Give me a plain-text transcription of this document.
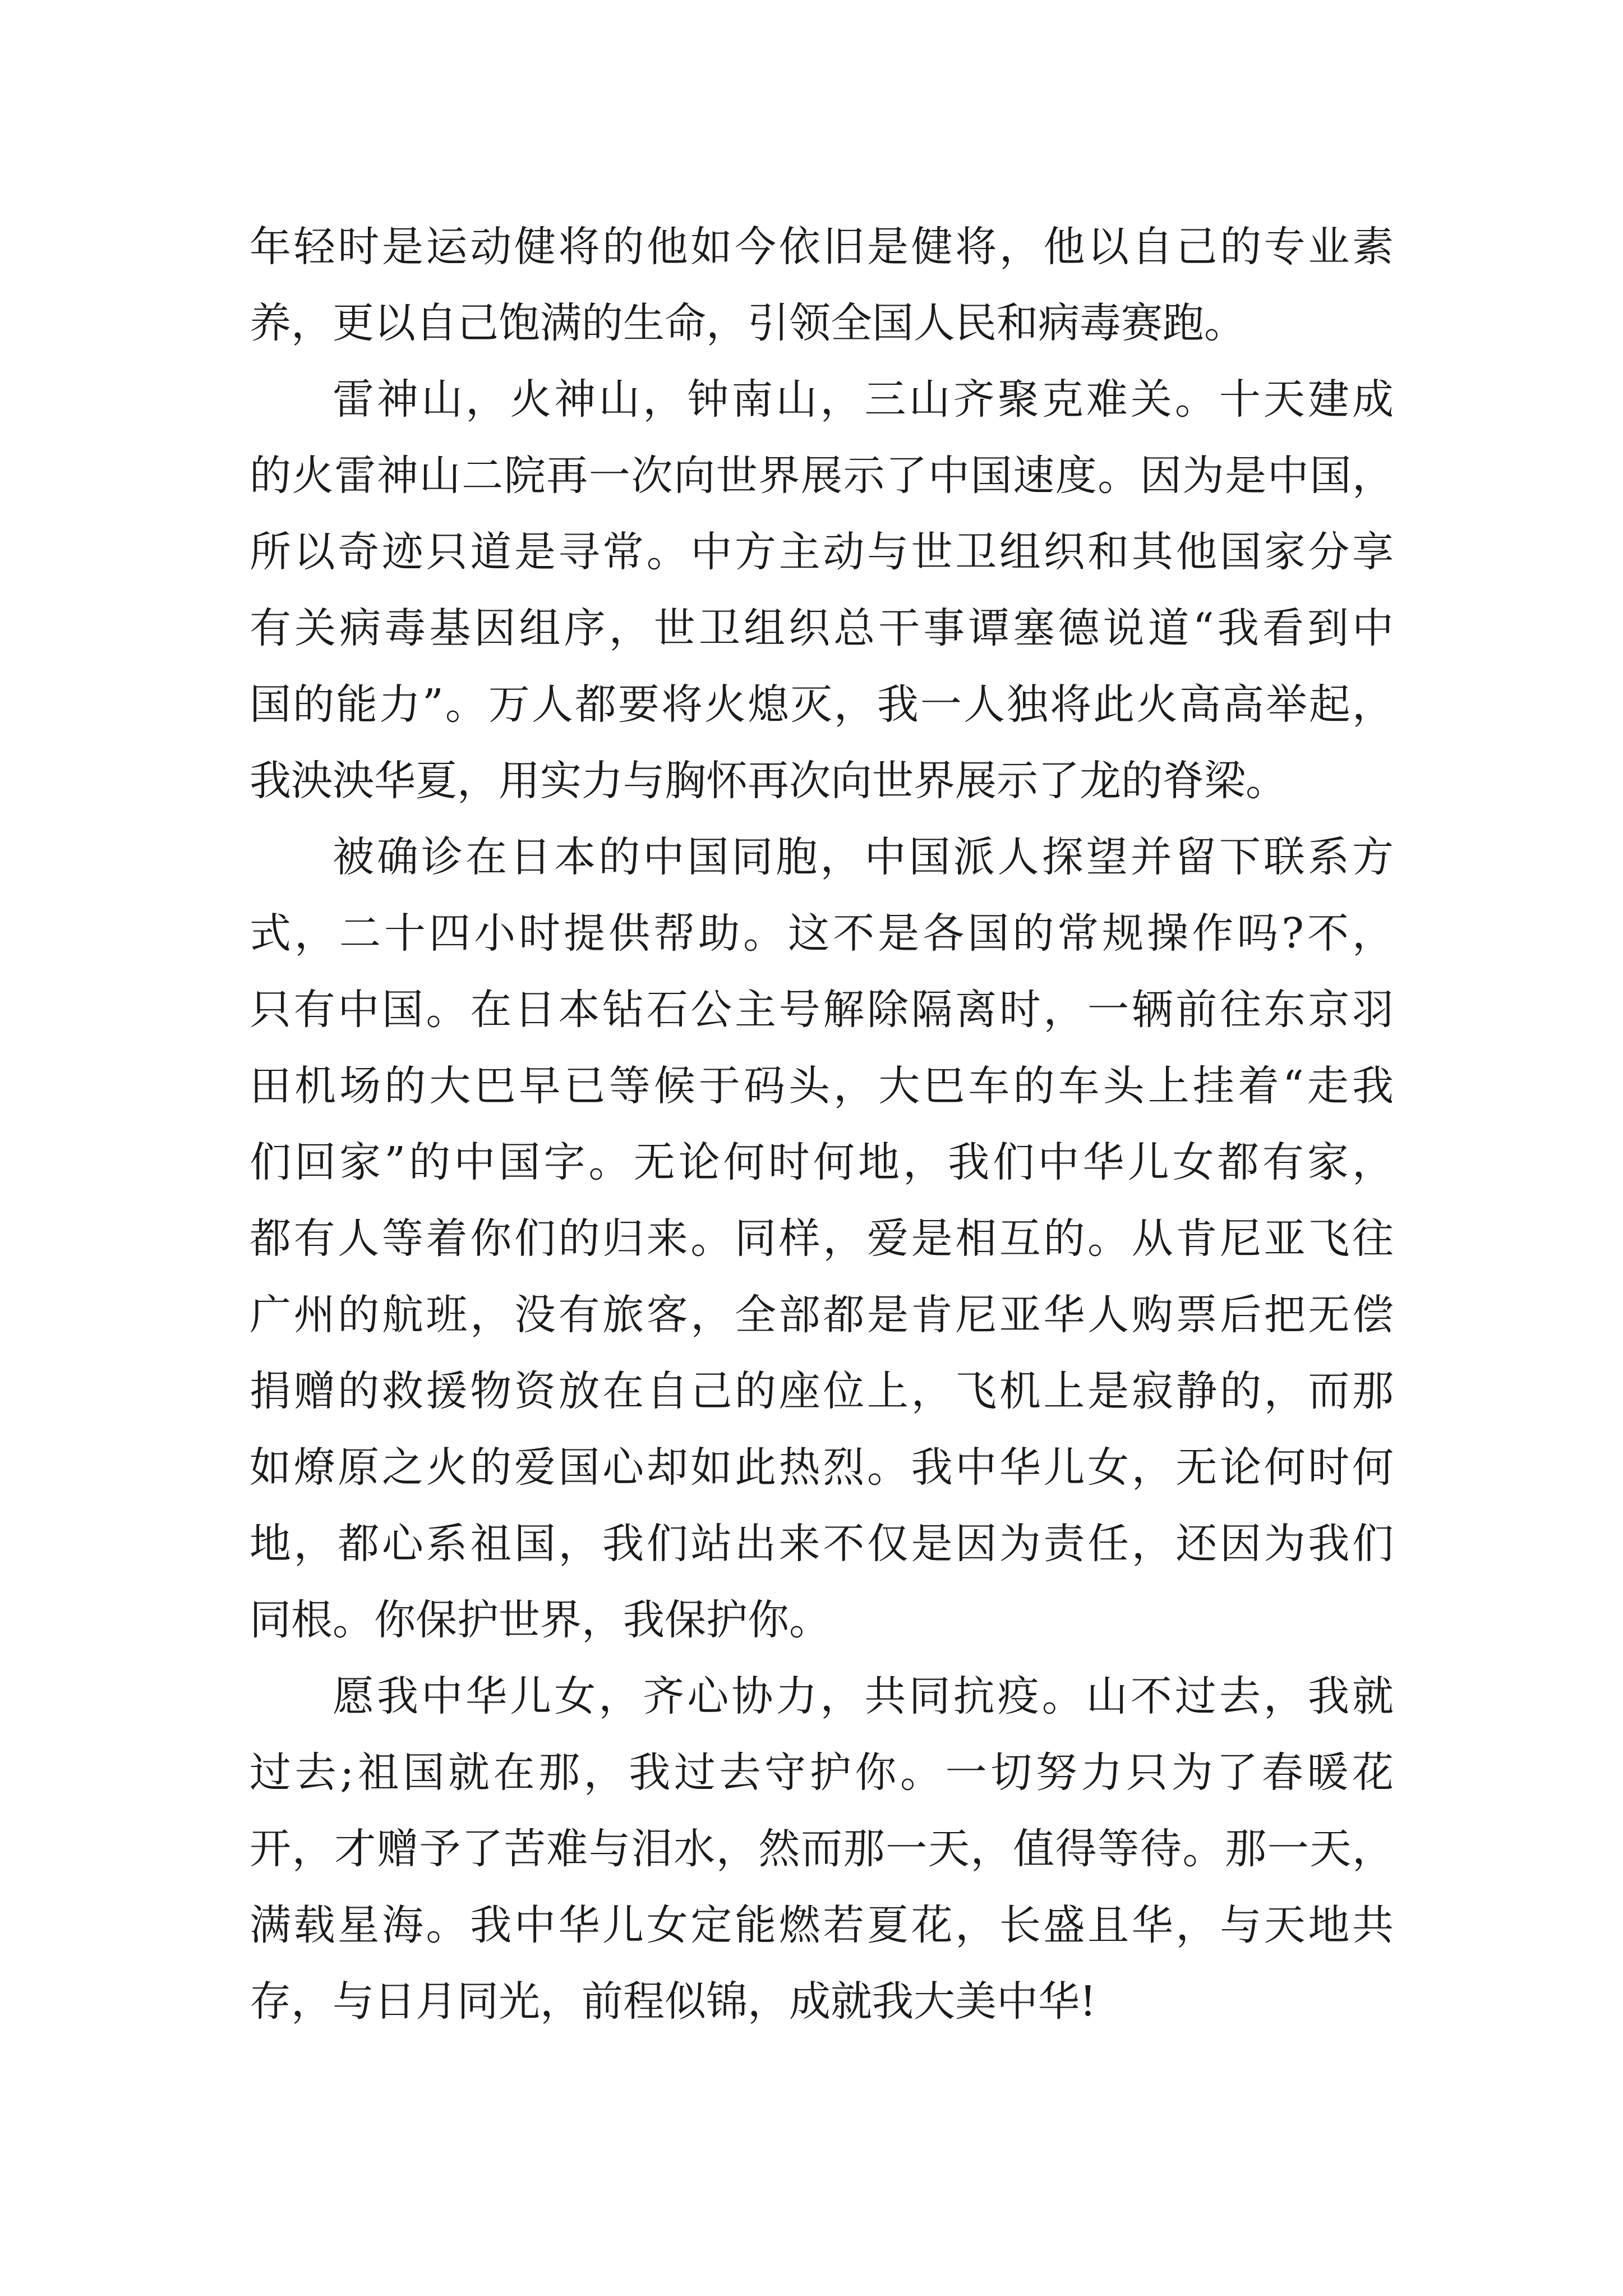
年轻时是运动健将的他如今依旧是健将，他以自己的专业素
养，更以自己饱满的生命，引领全国人民和病毒赛跑。
雷神山，火神山，钟南山，三山齐聚克难关。十天建成
的火雷神山二院再一次向世界展示了中国速度。因为是中国，
所以奇迹只道是寻常。中方主动与世卫组织和其他国家分享
有关病毒基因组序，世卫组织总干事谭塞德说道“我看到中
国的能力”。万人都要将火熄灭，我一人独将此火高高举起，
我泱泱华夏，用实力与胸怀再次向世界展示了龙的脊梁。
被确诊在日本的中国同胞，中国派人探望并留下联系方
式，二十四小时提供帮助。这不是各国的常规操作吗?不，
只有中国。在日本钻石公主号解除隔离时，一辆前往东京羽
田机场的大巴早已等候于码头，大巴车的车头上挂着“走我
们回家”的中国字。无论何时何地，我们中华儿女都有家，
都有人等着你们的归来。同样，爱是相互的。从肯尼亚飞往
广州的航班，没有旅客，全部都是肯尼亚华人购票后把无偿
捐赠的救援物资放在自己的座位上，飞机上是寂静的，而那
如燎原之火的爱国心却如此热烈。我中华儿女，无论何时何
地，都心系祖国，我们站出来不仅是因为责任，还因为我们
同根。你保护世界，我保护你。
愿我中华儿女，齐心协力，共同抗疫。山不过去，我就
过去;祖国就在那，我过去守护你。一切努力只为了春暖花
开，才赠予了苦难与泪水，然而那一天，值得等待。那一天，
满载星海。我中华儿女定能燃若夏花，长盛且华，与天地共
存，与日月同光，前程似锦，成就我大美中华!
